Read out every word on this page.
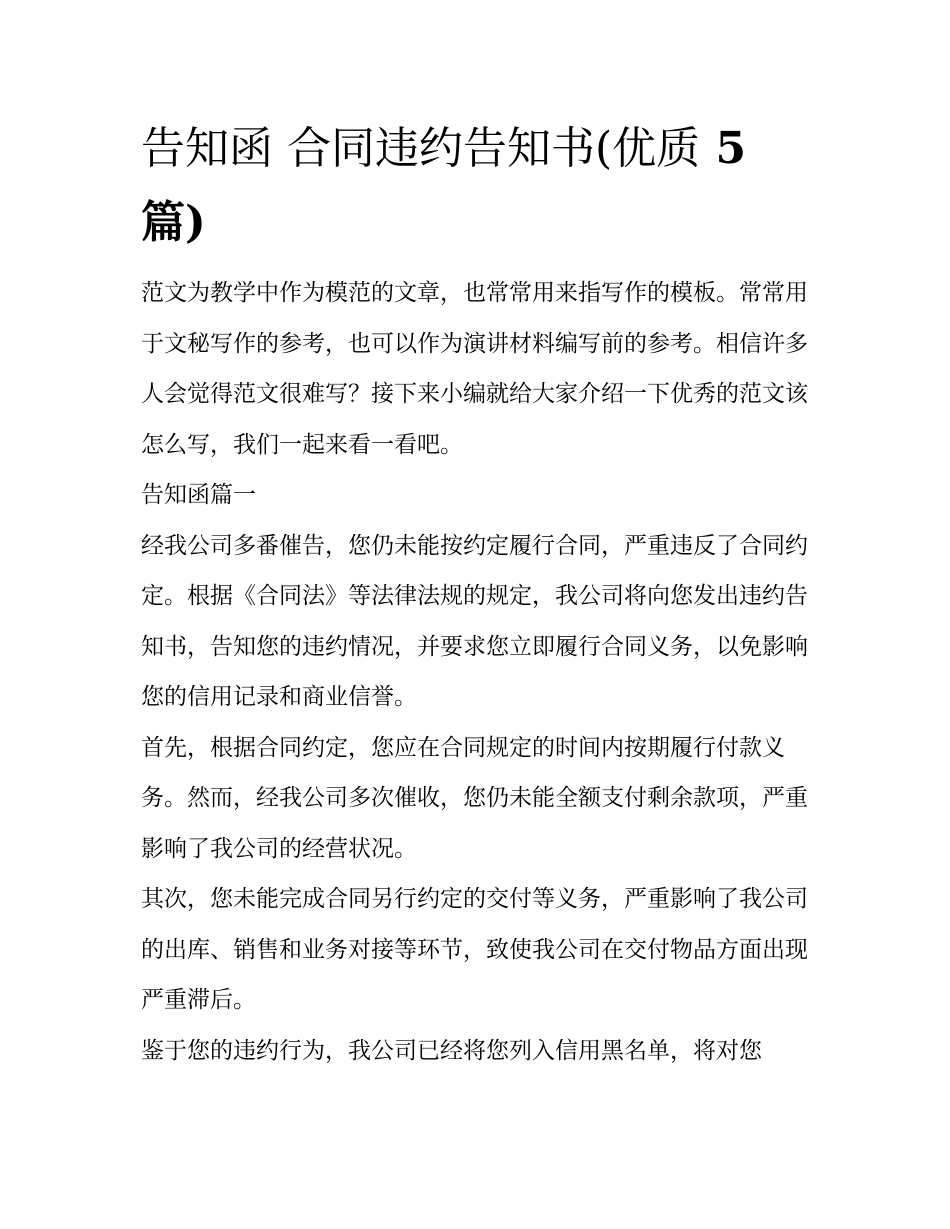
告知函 合同违约告知书(优质 5 篇)

范文为教学中作为模范的文章，也常常用来指写作的模板。常常用于文秘写作的参考，也可以作为演讲材料编写前的参考。相信许多人会觉得范文很难写？接下来小编就给大家介绍一下优秀的范文该怎么写，我们一起来看一看吧。

告知函篇一

经我公司多番催告，您仍未能按约定履行合同，严重违反了合同约定。根据《合同法》等法律法规的规定，我公司将向您发出违约告知书，告知您的违约情况，并要求您立即履行合同义务，以免影响您的信用记录和商业信誉。

首先，根据合同约定，您应在合同规定的时间内按期履行付款义务。然而，经我公司多次催收，您仍未能全额支付剩余款项，严重影响了我公司的经营状况。

其次，您未能完成合同另行约定的交付等义务，严重影响了我公司的出库、销售和业务对接等环节，致使我公司在交付物品方面出现严重滞后。

鉴于您的违约行为，我公司已经将您列入信用黑名单，将对您
